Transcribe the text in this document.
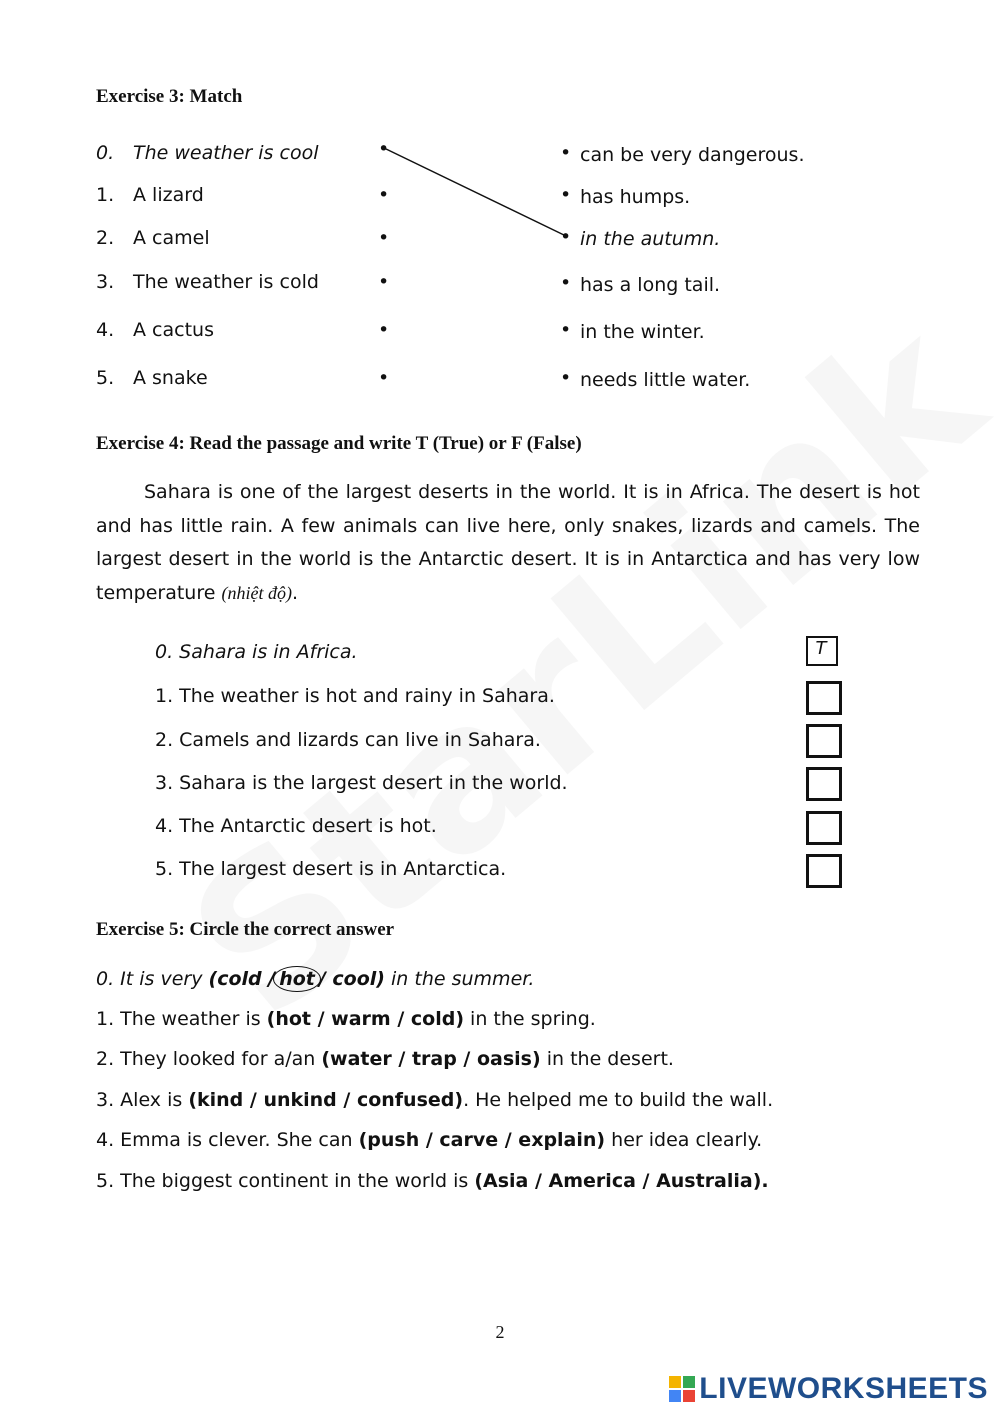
Exercise 3: Match
0. The weather is cool
1. A lizard
2. A camel
3. The weather is cold
4. A cactus
5. A snake
•
•
•
•
•
•
• can be very dangerous.
• has humps.
• in the autumn.
• has a long tail.
• in the winter.
• needs little water.
Exercise 4: Read the passage and write T (True) or F (False)

Sahara is one of the largest deserts in the world. It is in Africa. The desert is hot and has little rain. A few animals can live here, only snakes, lizards and camels. The largest desert in the world is the Antarctic desert. It is in Antarctica and has very low temperature (nhiệt độ).

0. Sahara is in Africa.
1. The weather is hot and rainy in Sahara.
2. Camels and lizards can live in Sahara.
3. Sahara is the largest desert in the world.
4. The Antarctic desert is hot.
5. The largest desert is in Antarctica.
T
Exercise 5: Circle the correct answer
0. It is very (cold / hot / cool) in the summer.
1. The weather is (hot / warm / cold) in the spring.
2. They looked for a/an (water / trap / oasis) in the desert.
3. Alex is (kind / unkind / confused). He helped me to build the wall.
4. Emma is clever. She can (push / carve / explain) her idea clearly.
5. The biggest continent in the world is (Asia / America / Australia).
2
LIVEWORKSHEETS
